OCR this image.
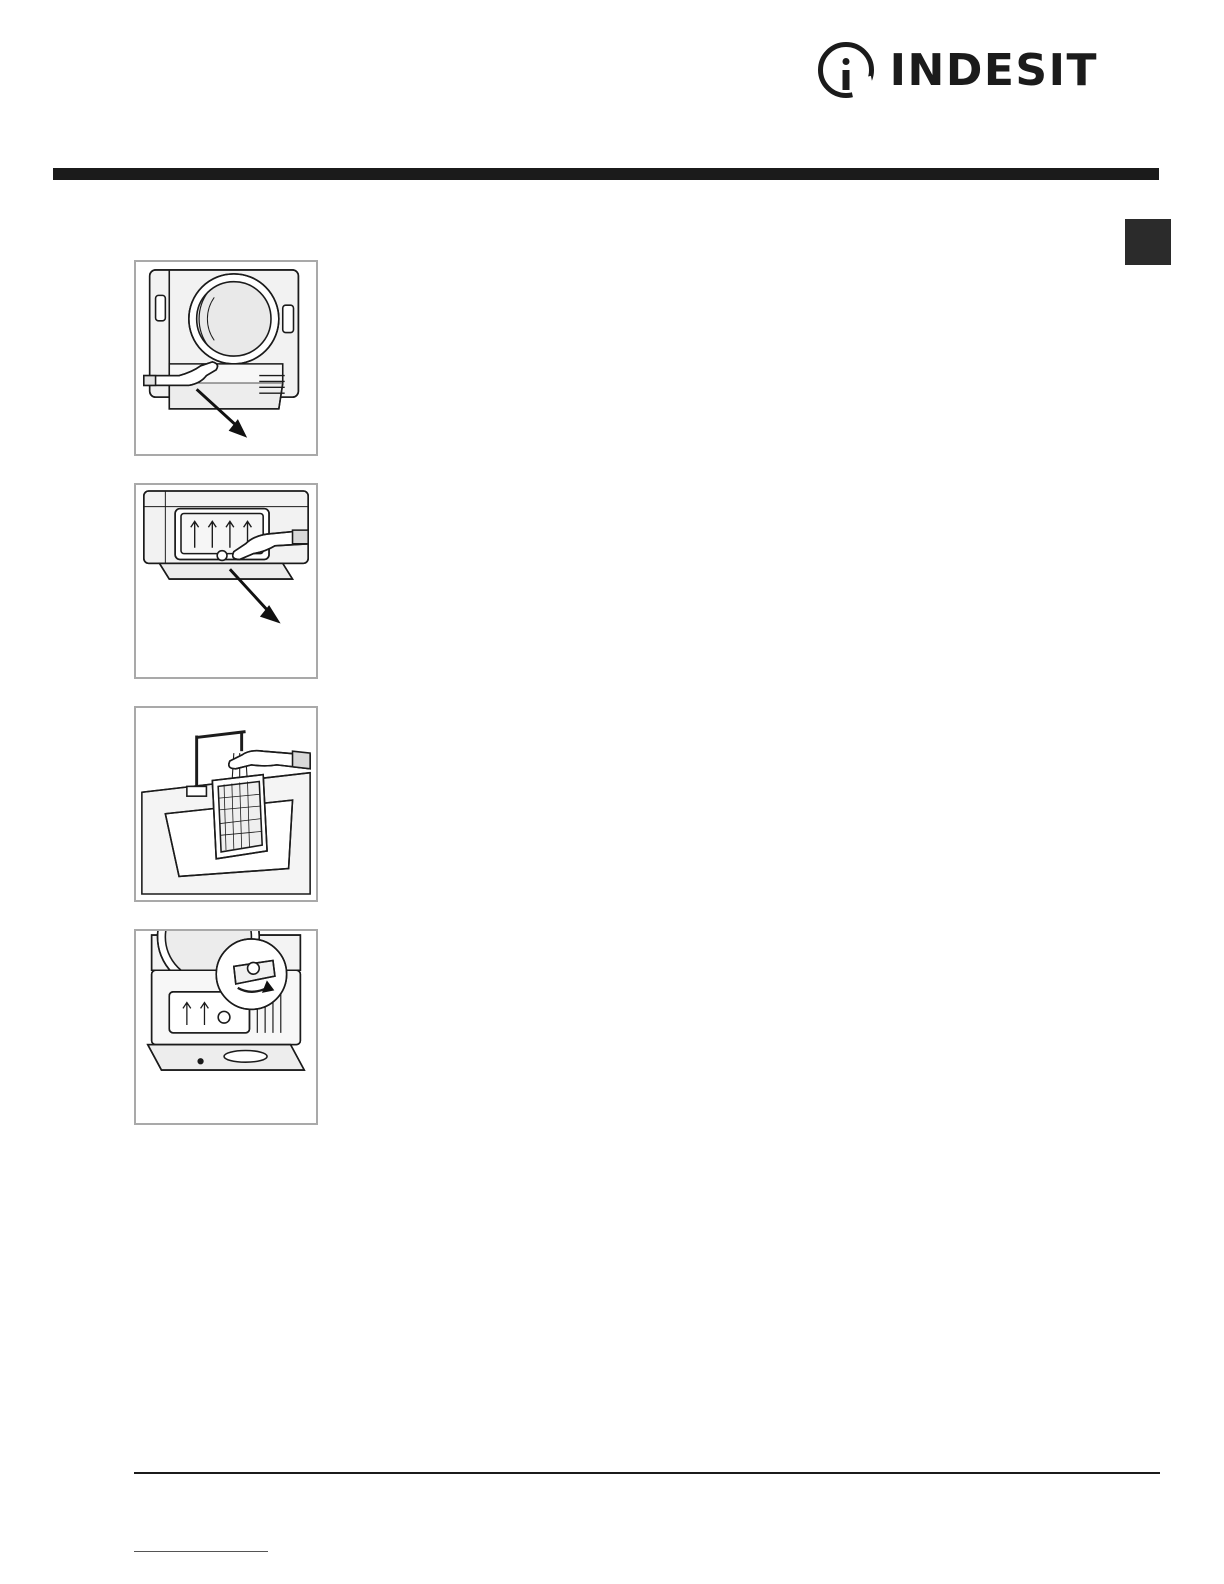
INDESIT
